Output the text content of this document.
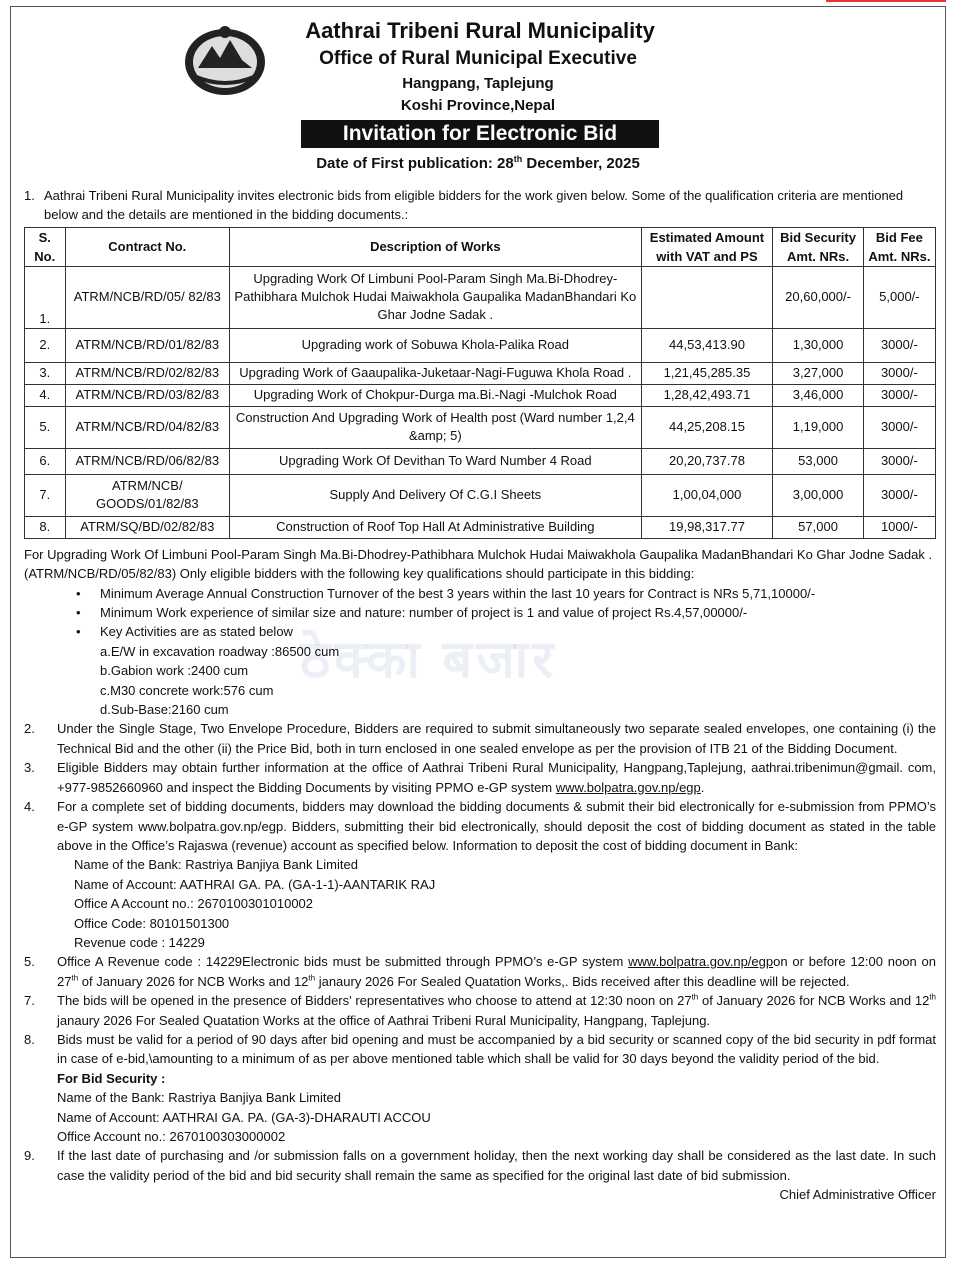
Aathrai Tribeni Rural Municipality
Office of Rural Municipal Executive
Hangpang, Taplejung
Koshi Province,Nepal
Invitation for Electronic Bid
Date of First publication: 28th December, 2025
ठेक्का बजार
1. Aathrai Tribeni Rural Municipality invites electronic bids from eligible bidders for the work given below. Some of the qualification criteria are mentioned below and the details are mentioned in the bidding documents.:
S. No.	Contract No.	Description of Works	Estimated Amount with VAT and PS	Bid Security Amt. NRs.	Bid Fee Amt. NRs.
1.	ATRM/NCB/RD/05/ 82/83	Upgrading Work Of Limbuni Pool-Param Singh Ma.Bi-Dhodrey-Pathibhara Mulchok Hudai Maiwakhola Gaupalika MadanBhandari Ko Ghar Jodne Sadak .		20,60,000/-	5,000/-
2.	ATRM/NCB/RD/01/82/83	Upgrading work of Sobuwa Khola-Palika Road	44,53,413.90	1,30,000	3000/-
3.	ATRM/NCB/RD/02/82/83	Upgrading Work of Gaaupalika-Juketaar-Nagi-Fuguwa Khola Road .	1,21,45,285.35	3,27,000	3000/-
4.	ATRM/NCB/RD/03/82/83	Upgrading Work of Chokpur-Durga ma.Bi.-Nagi -Mulchok Road	1,28,42,493.71	3,46,000	3000/-
5.	ATRM/NCB/RD/04/82/83	Construction And Upgrading Work of Health post (Ward number 1,2,4 &amp; 5)	44,25,208.15	1,19,000	3000/-
6.	ATRM/NCB/RD/06/82/83	Upgrading Work Of Devithan To Ward Number 4 Road	20,20,737.78	53,000	3000/-
7.	ATRM/NCB/ GOODS/01/82/83	Supply And Delivery Of C.G.I Sheets	1,00,04,000	3,00,000	3000/-
8.	ATRM/SQ/BD/02/82/83	Construction of Roof Top Hall At Administrative Building	19,98,317.77	57,000	1000/-
For Upgrading Work Of Limbuni Pool-Param Singh Ma.Bi-Dhodrey-Pathibhara Mulchok Hudai Maiwakhola Gaupalika MadanBhandari Ko Ghar Jodne Sadak . (ATRM/NCB/RD/05/82/83) Only eligible bidders with the following key qualifications should participate in this bidding:
•	Minimum Average Annual Construction Turnover of the best 3 years within the last 10 years for Contract is NRs 5,71,10000/-
•	Minimum Work experience of similar size and nature: number of project is 1 and value of project Rs.4,57,00000/-
•	Key Activities are as stated below
a.E/W in excavation roadway :86500 cum
b.Gabion work :2400 cum
c.M30 concrete work:576 cum
d.Sub-Base:2160 cum
2.	Under the Single Stage, Two Envelope Procedure, Bidders are required to submit simultaneously two separate sealed envelopes, one containing (i) the Technical Bid and the other (ii) the Price Bid, both in turn enclosed in one sealed envelope as per the provision of ITB 21 of the Bidding Document.
3.	Eligible Bidders may obtain further information at the office of Aathrai Tribeni Rural Municipality, Hangpang,Taplejung, aathrai.tribenimun@gmail. com, +977-9852660960 and inspect the Bidding Documents by visiting PPMO e-GP system www.bolpatra.gov.np/egp.
4.	For a complete set of bidding documents, bidders may download the bidding documents & submit their bid electronically for e-submission from PPMO’s e-GP system www.bolpatra.gov.np/egp. Bidders, submitting their bid electronically, should deposit the cost of bidding document as stated in the table above in the Office’s Rajaswa (revenue) account as specified below. Information to deposit the cost of bidding document in Bank:
Name of the Bank: Rastriya Banjiya Bank Limited
Name of Account: AATHRAI GA. PA. (GA-1-1)-AANTARIK RAJ
Office A Account no.: 2670100301010002
Office Code: 80101501300
Revenue code : 14229
5.	Office A Revenue code : 14229Electronic bids must be submitted through PPMO’s e-GP system www.bolpatra.gov.np/egpon or before 12:00 noon on 27th of January 2026 for NCB Works and 12th janaury 2026 For Sealed Quatation Works,. Bids received after this deadline will be rejected.
7.	The bids will be opened in the presence of Bidders' representatives who choose to attend at 12:30 noon on 27th of January 2026 for NCB Works and 12th janaury 2026 For Sealed Quatation Works at the office of Aathrai Tribeni Rural Municipality, Hangpang, Taplejung.
8.	Bids must be valid for a period of 90 days after bid opening and must be accompanied by a bid security or scanned copy of the bid security in pdf format in case of e-bid,\amounting to a minimum of as per above mentioned table which shall be valid for 30 days beyond the validity period of the bid.
For Bid Security :
Name of the Bank: Rastriya Banjiya Bank Limited
Name of Account: AATHRAI GA. PA. (GA-3)-DHARAUTI ACCOU
Office Account no.: 2670100303000002
9.	If the last date of purchasing and /or submission falls on a government holiday, then the next working day shall be considered as the last date. In such case the validity period of the bid and bid security shall remain the same as specified for the original last date of bid submission.
Chief Administrative Officer
